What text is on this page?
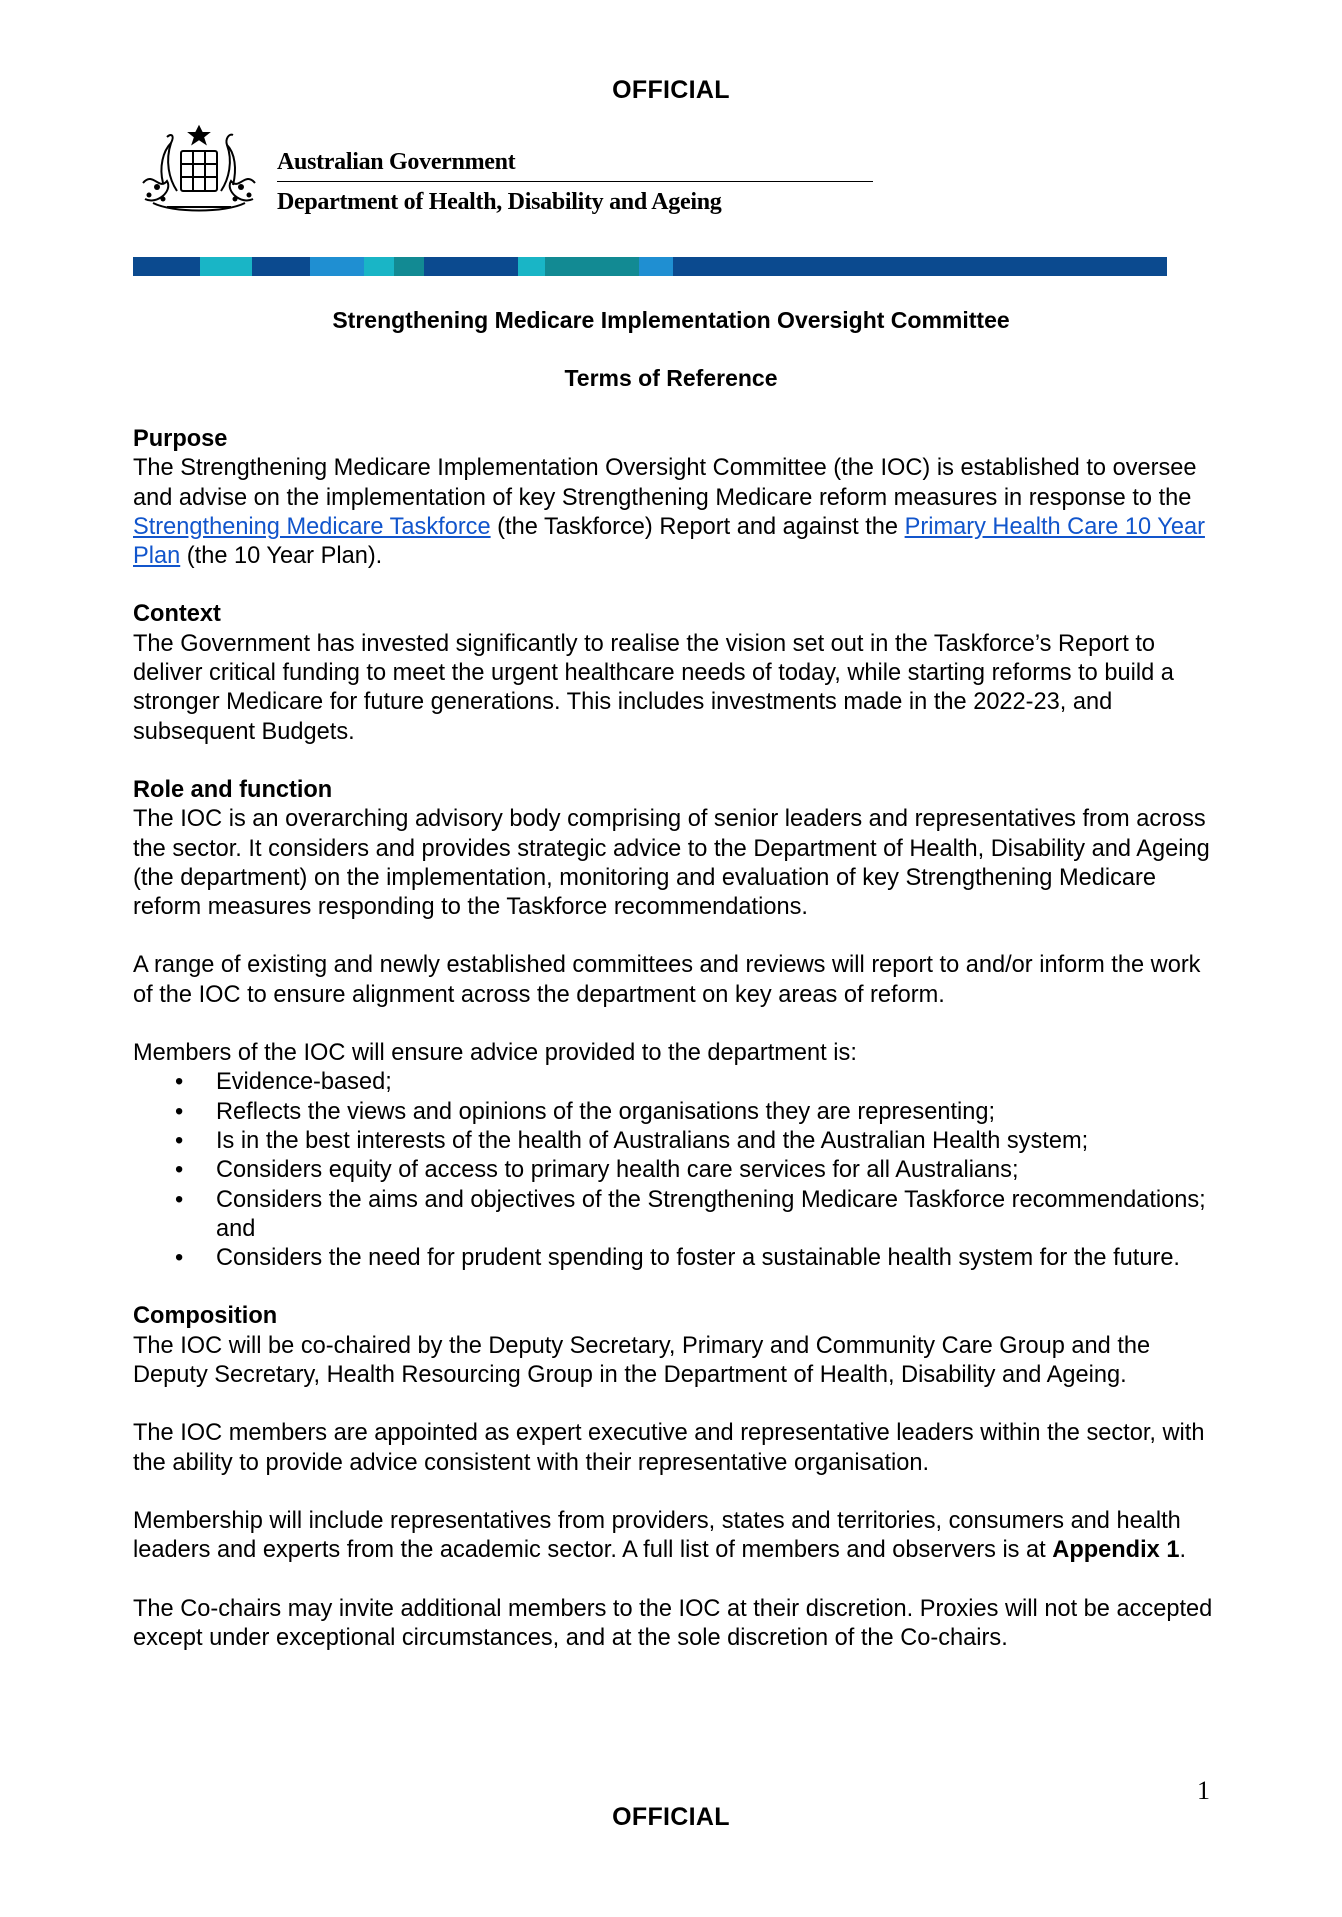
OFFICIAL
Australian Government
Department of Health, Disability and Ageing
Strengthening Medicare Implementation Oversight Committee
Terms of Reference
Purpose

The Strengthening Medicare Implementation Oversight Committee (the IOC) is established to oversee and advise on the implementation of key Strengthening Medicare reform measures in response to the Strengthening Medicare Taskforce (the Taskforce) Report and against the Primary Health Care 10 Year Plan (the 10 Year Plan).

Context

The Government has invested significantly to realise the vision set out in the Taskforce’s Report to deliver critical funding to meet the urgent healthcare needs of today, while starting reforms to build a stronger Medicare for future generations. This includes investments made in the 2022-23, and subsequent Budgets.

Role and function

The IOC is an overarching advisory body comprising of senior leaders and representatives from across the sector. It considers and provides strategic advice to the Department of Health, Disability and Ageing (the department) on the implementation, monitoring and evaluation of key Strengthening Medicare reform measures responding to the Taskforce recommendations.

A range of existing and newly established committees and reviews will report to and/or inform the work of the IOC to ensure alignment across the department on key areas of reform.

Members of the IOC will ensure advice provided to the department is:

• Evidence-based;
• Reflects the views and opinions of the organisations they are representing;
• Is in the best interests of the health of Australians and the Australian Health system;
• Considers equity of access to primary health care services for all Australians;
• Considers the aims and objectives of the Strengthening Medicare Taskforce recommendations; and
• Considers the need for prudent spending to foster a sustainable health system for the future.
Composition

The IOC will be co-chaired by the Deputy Secretary, Primary and Community Care Group and the Deputy Secretary, Health Resourcing Group in the Department of Health, Disability and Ageing.

The IOC members are appointed as expert executive and representative leaders within the sector, with the ability to provide advice consistent with their representative organisation.

Membership will include representatives from providers, states and territories, consumers and health leaders and experts from the academic sector. A full list of members and observers is at Appendix 1.

The Co-chairs may invite additional members to the IOC at their discretion. Proxies will not be accepted except under exceptional circumstances, and at the sole discretion of the Co-chairs.

1
OFFICIAL
